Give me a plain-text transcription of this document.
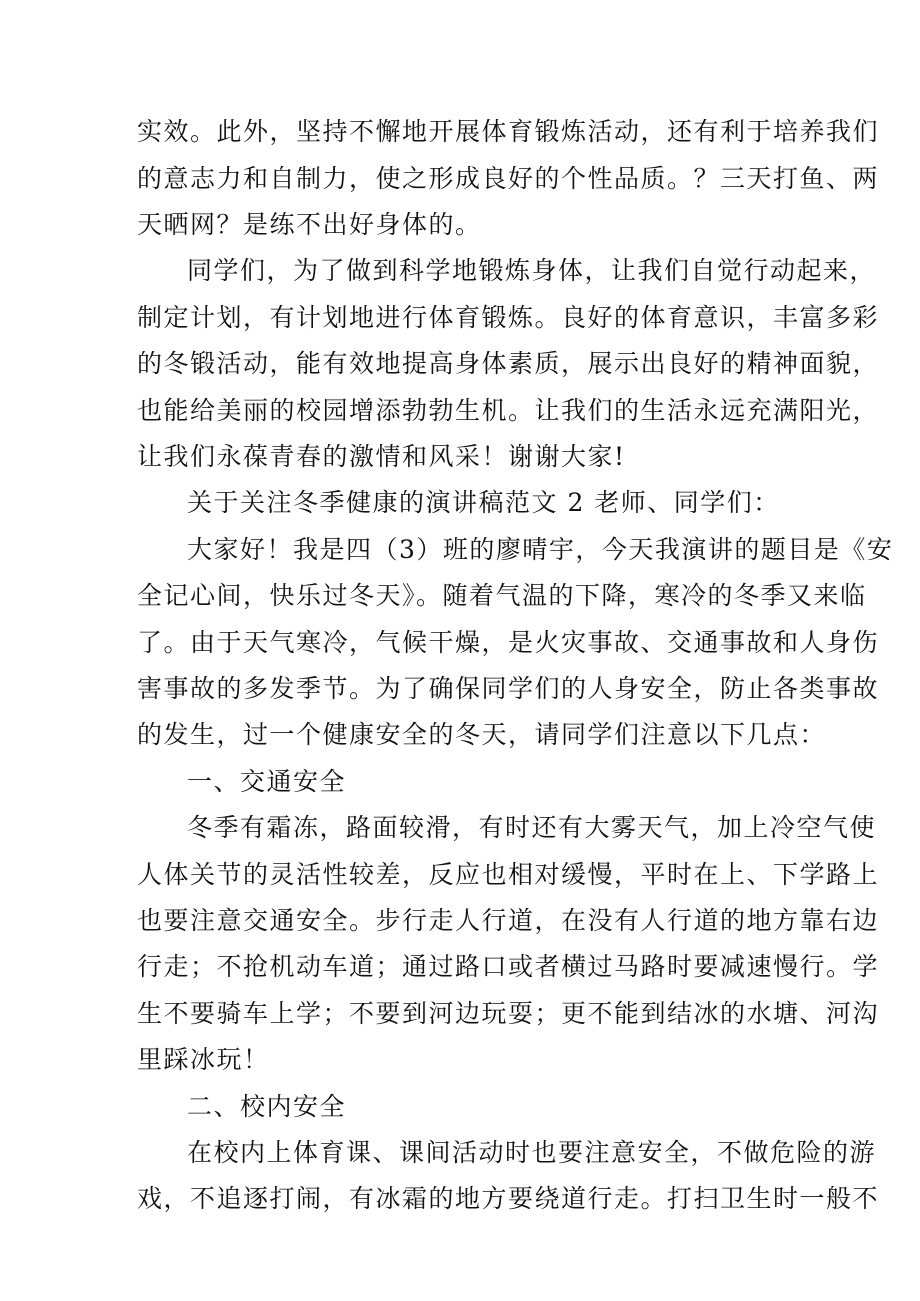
实效。此外，坚持不懈地开展体育锻炼活动，还有利于培养我们
的意志力和自制力，使之形成良好的个性品质。？三天打鱼、两
天晒网？是练不出好身体的。
同学们，为了做到科学地锻炼身体，让我们自觉行动起来，
制定计划，有计划地进行体育锻炼。良好的体育意识，丰富多彩
的冬锻活动，能有效地提高身体素质，展示出良好的精神面貌，
也能给美丽的校园增添勃勃生机。让我们的生活永远充满阳光，
让我们永葆青春的激情和风采！谢谢大家!
关于关注冬季健康的演讲稿范文 2 老师、同学们：
大家好！我是四（3）班的廖晴宇，今天我演讲的题目是《安
全记心间，快乐过冬天》。随着气温的下降，寒冷的冬季又来临
了。由于天气寒冷，气候干燥，是火灾事故、交通事故和人身伤
害事故的多发季节。为了确保同学们的人身安全，防止各类事故
的发生，过一个健康安全的冬天，请同学们注意以下几点：
一、交通安全
冬季有霜冻，路面较滑，有时还有大雾天气，加上冷空气使
人体关节的灵活性较差，反应也相对缓慢，平时在上、下学路上
也要注意交通安全。步行走人行道，在没有人行道的地方靠右边
行走；不抢机动车道；通过路口或者横过马路时要减速慢行。学
生不要骑车上学；不要到河边玩耍；更不能到结冰的水塘、河沟
里踩冰玩！
二、校内安全
在校内上体育课、课间活动时也要注意安全，不做危险的游
戏，不追逐打闹，有冰霜的地方要绕道行走。打扫卫生时一般不
